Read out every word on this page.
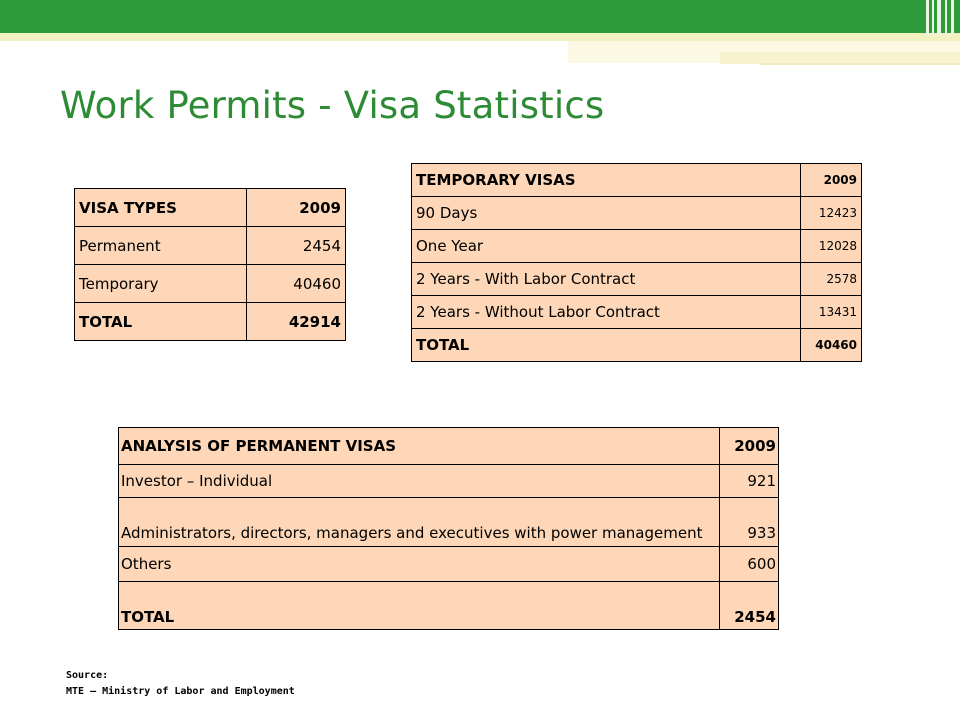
Work Permits - Visa Statistics
VISA TYPES	2009
Permanent	2454
Temporary	40460
TOTAL	42914
TEMPORARY VISAS	2009
90 Days	12423
One Year	12028
2 Years - With Labor Contract	2578
2 Years - Without Labor Contract	13431
TOTAL	40460
ANALYSIS OF PERMANENT VISAS	2009
Investor – Individual	921
Administrators, directors, managers and executives with power management	933
Others	600
TOTAL	2454
Source:
MTE – Ministry of Labor and Employment
